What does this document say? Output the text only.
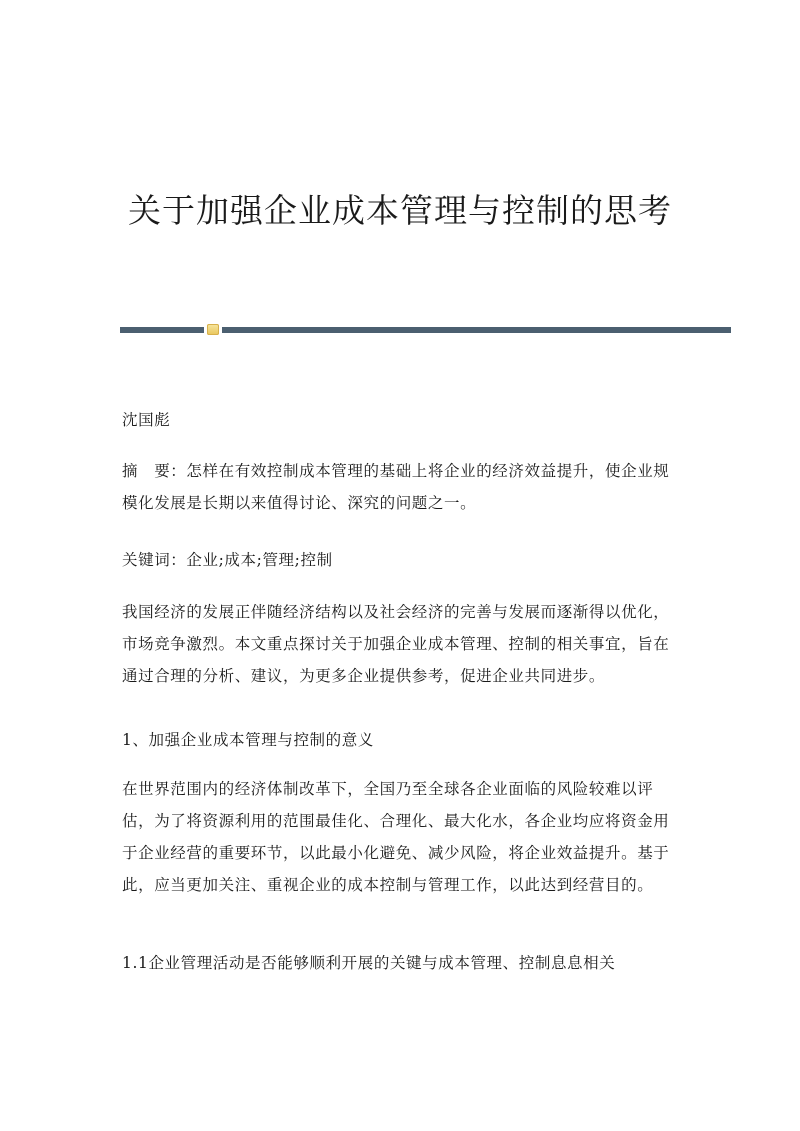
关于加强企业成本管理与控制的思考

沈国彪

摘　要：怎样在有效控制成本管理的基础上将企业的经济效益提升，使企业规模化发展是长期以来值得讨论、深究的问题之一。

关键词：企业;成本;管理;控制

我国经济的发展正伴随经济结构以及社会经济的完善与发展而逐渐得以优化，市场竞争激烈。本文重点探讨关于加强企业成本管理、控制的相关事宜，旨在通过合理的分析、建议，为更多企业提供参考，促进企业共同进步。

1、加强企业成本管理与控制的意义

在世界范围内的经济体制改革下，全国乃至全球各企业面临的风险较难以评估，为了将资源利用的范围最佳化、合理化、最大化水，各企业均应将资金用于企业经营的重要环节，以此最小化避免、减少风险，将企业效益提升。基于此，应当更加关注、重视企业的成本控制与管理工作，以此达到经营目的。

1.1企业管理活动是否能够顺利开展的关键与成本管理、控制息息相关
